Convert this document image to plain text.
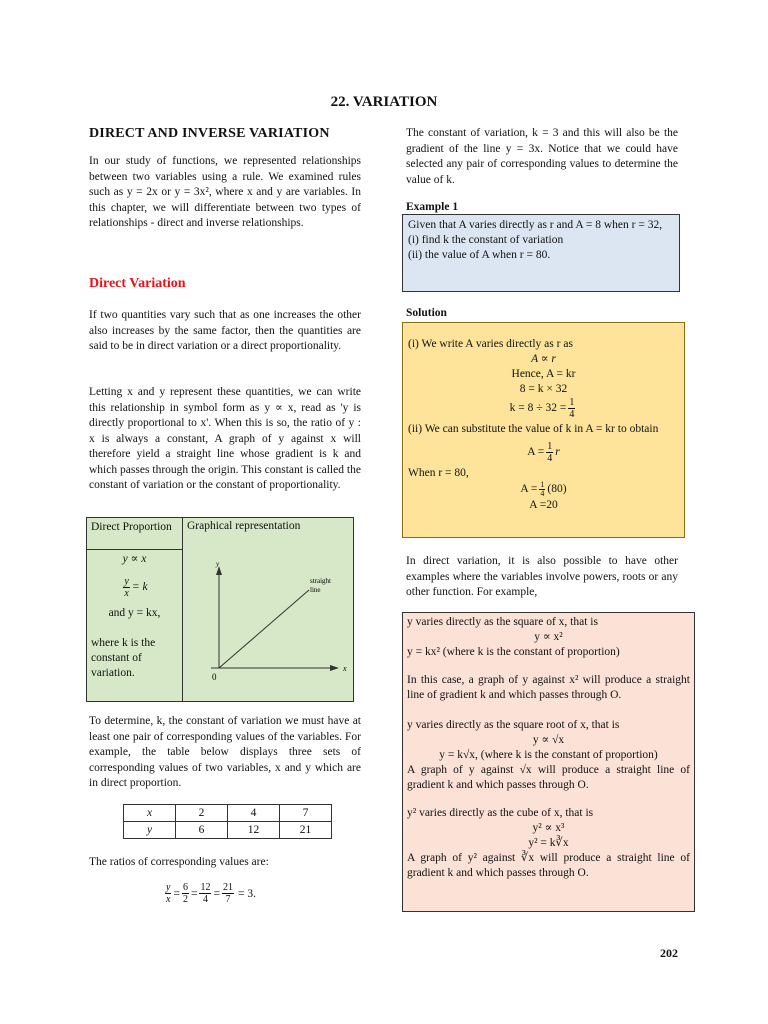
22. VARIATION
DIRECT AND INVERSE VARIATION

In our study of functions, we represented relationships between two variables using a rule. We examined rules such as y = 2x or y = 3x², where x and y are variables. In this chapter, we will differentiate between two types of relationships - direct and inverse relationships.

Direct Variation

If two quantities vary such that as one increases the other also increases by the same factor, then the quantities are said to be in direct variation or a direct proportionality.

Letting x and y represent these quantities, we can write this relationship in symbol form as y ∝ x, read as 'y is directly proportional to x'. When this is so, the ratio of y : x is always a constant, A graph of y against x will therefore yield a straight line whose gradient is k and which passes through the origin. This constant is called the constant of variation or the constant of proportionality.

Direct Proportion	Graphical representation
y ∝ x
$\frac{y}{x} = k$
and y = kx,
where k is the constant of variation.
y
x
0
straight
line

To determine, k, the constant of variation we must have at least one pair of corresponding values of the variables. For example, the table below displays three sets of corresponding values of two variables, x and y which are in direct proportion.

x	2	4	7
y	6	12	21
The ratios of corresponding values are:
$\frac{y}{x} = \frac{6}{2} = \frac{12}{4} = \frac{21}{7} = 3$.

The constant of variation, k = 3 and this will also be the gradient of the line y = 3x. Notice that we could have selected any pair of corresponding values to determine the value of k.

Example 1
Given that A varies directly as r and A = 8 when r = 32,
(i) find k the constant of variation
(ii) the value of A when r = 80.
Solution
(i) We write A varies directly as r as
A ∝ r
Hence, A = kr
8 = k × 32
$k = 8 \div 32 = \frac{1}{4}$
(ii) We can substitute the value of k in A = kr to obtain
$A = \frac{1}{4}$ r
When r = 80,
$A = \frac{1}{4} (80)$
A =20

In direct variation, it is also possible to have other examples where the variables involve powers, roots or any other function. For example,

y varies directly as the square of x, that is
y ∝ x²
y = kx² (where k is the constant of proportion)
In this case, a graph of y against x² will produce a straight line of gradient k and which passes through O.
y varies directly as the square root of x, that is
y ∝ √x
y = k√x, (where k is the constant of proportion)
A graph of y against √x will produce a straight line of gradient k and which passes through O.
y² varies directly as the cube of x, that is
y² ∝ x³
y² = k∛x
A graph of y² against ∛x will produce a straight line of gradient k and which passes through O.
202
